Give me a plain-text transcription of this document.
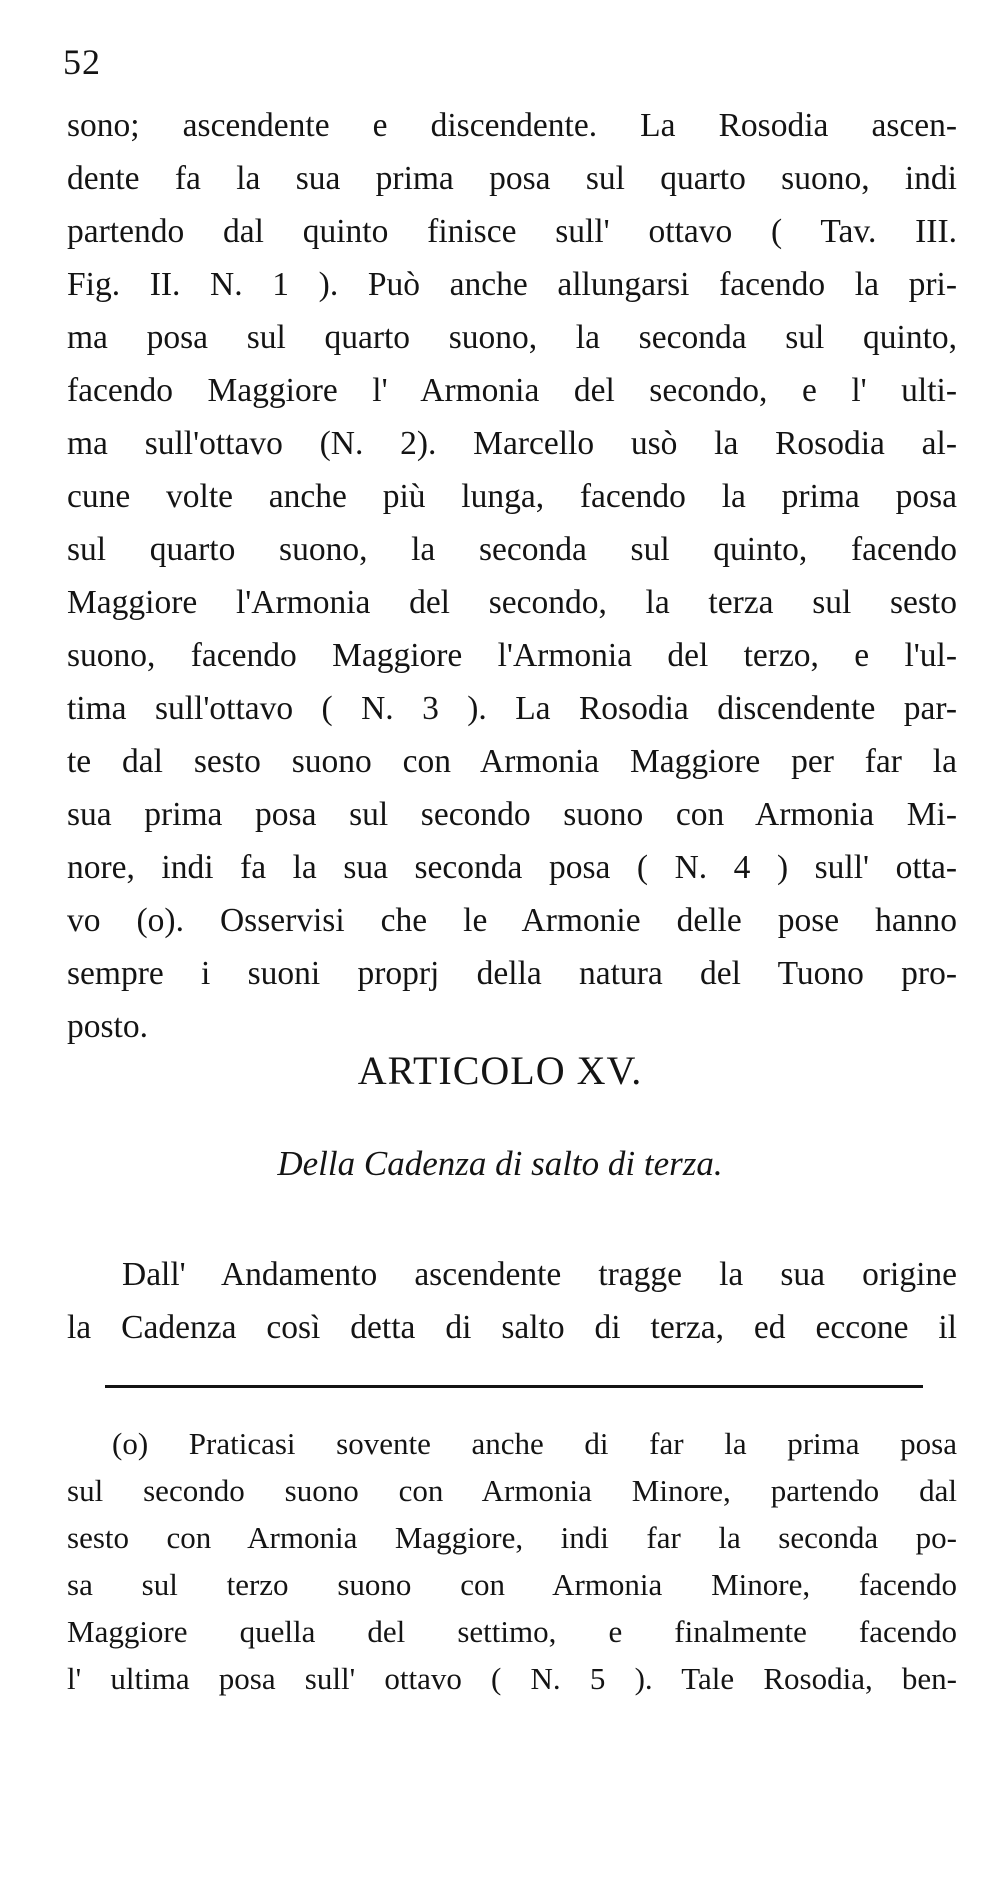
52
sono; ascendente e discendente. La Rosodia ascen-
dente fa la sua prima posa sul quarto suono, indi
partendo dal quinto finisce sull' ottavo ( Tav. III.
Fig. II. N. 1 ). Può anche allungarsi facendo la pri-
ma posa sul quarto suono, la seconda sul quinto,
facendo Maggiore l' Armonia del secondo, e l' ulti-
ma sull'ottavo (N. 2). Marcello usò la Rosodia al-
cune volte anche più lunga, facendo la prima posa
sul quarto suono, la seconda sul quinto, facendo
Maggiore l'Armonia del secondo, la terza sul sesto
suono, facendo Maggiore l'Armonia del terzo, e l'ul-
tima sull'ottavo ( N. 3 ). La Rosodia discendente par-
te dal sesto suono con Armonia Maggiore per far la
sua prima posa sul secondo suono con Armonia Mi-
nore, indi fa la sua seconda posa ( N. 4 ) sull' otta-
vo (o). Osservisi che le Armonie delle pose hanno
sempre i suoni proprj della natura del Tuono pro-
posto.
ARTICOLO XV.
Della Cadenza di salto di terza.
Dall' Andamento ascendente tragge la sua origine
la Cadenza così detta di salto di terza, ed eccone il
(o) Praticasi sovente anche di far la prima posa
sul secondo suono con Armonia Minore, partendo dal
sesto con Armonia Maggiore, indi far la seconda po-
sa sul terzo suono con Armonia Minore, facendo
Maggiore quella del settimo, e finalmente facendo
l' ultima posa sull' ottavo ( N. 5 ). Tale Rosodia, ben-
